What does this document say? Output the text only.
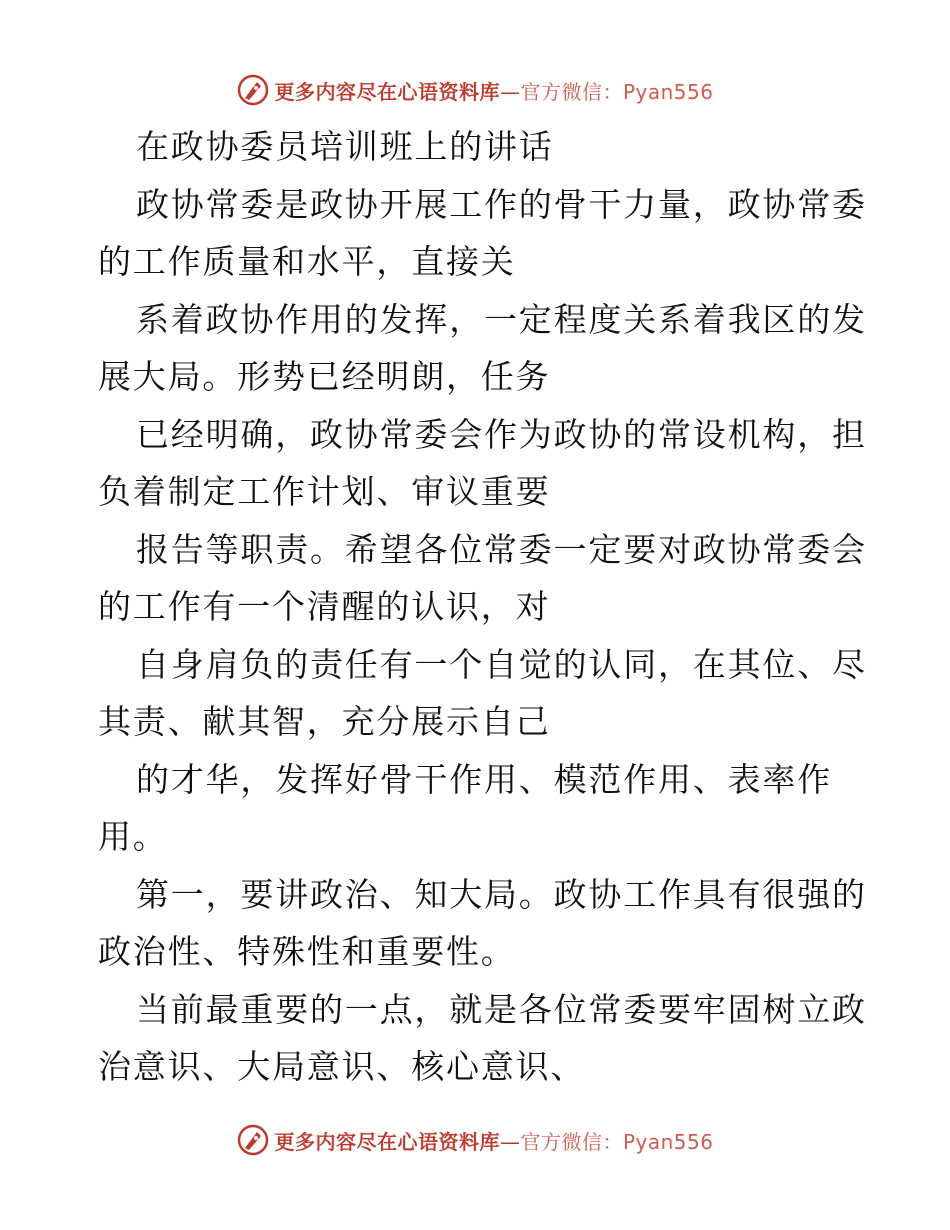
更多内容尽在心语资料库—官方微信：Pyan556
在政协委员培训班上的讲话
政协常委是政协开展工作的骨干力量，政协常委
的工作质量和水平，直接关
系着政协作用的发挥，一定程度关系着我区的发
展大局。形势已经明朗，任务
已经明确，政协常委会作为政协的常设机构，担
负着制定工作计划、审议重要
报告等职责。希望各位常委一定要对政协常委会
的工作有一个清醒的认识，对
自身肩负的责任有一个自觉的认同，在其位、尽
其责、献其智，充分展示自己
的才华，发挥好骨干作用、模范作用、表率作
用。
第一，要讲政治、知大局。政协工作具有很强的
政治性、特殊性和重要性。
当前最重要的一点，就是各位常委要牢固树立政
治意识、大局意识、核心意识、
更多内容尽在心语资料库—官方微信：Pyan556
